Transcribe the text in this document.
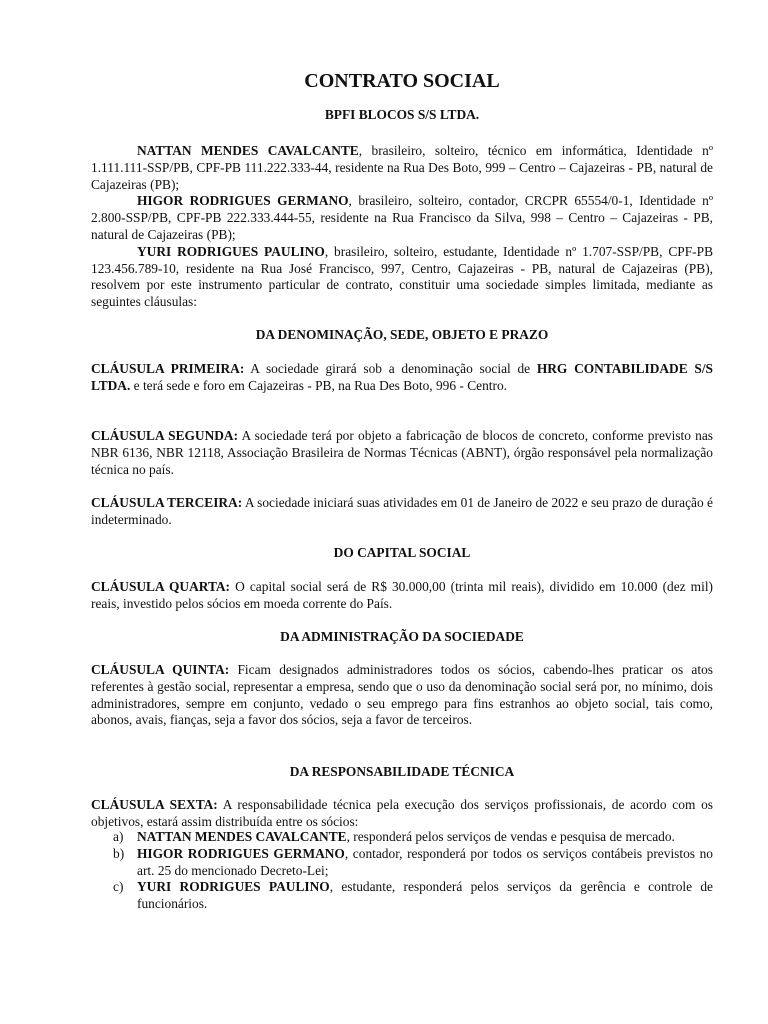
CONTRATO SOCIAL
BPFI BLOCOS S/S LTDA.

NATTAN MENDES CAVALCANTE, brasileiro, solteiro, técnico em informática, Identidade nº 1.111.111-SSP/PB, CPF-PB 111.222.333-44, residente na Rua Des Boto, 999 – Centro – Cajazeiras - PB, natural de Cajazeiras (PB);

HIGOR RODRIGUES GERMANO, brasileiro, solteiro, contador, CRCPR 65554/0-1, Identidade nº 2.800-SSP/PB, CPF-PB 222.333.444-55, residente na Rua Francisco da Silva, 998 – Centro – Cajazeiras - PB, natural de Cajazeiras (PB);

YURI RODRIGUES PAULINO, brasileiro, solteiro, estudante, Identidade nº 1.707-SSP/PB, CPF-PB 123.456.789-10, residente na Rua José Francisco, 997, Centro, Cajazeiras - PB, natural de Cajazeiras (PB), resolvem por este instrumento particular de contrato, constituir uma sociedade simples limitada, mediante as seguintes cláusulas:

DA DENOMINAÇÃO, SEDE, OBJETO E PRAZO

CLÁUSULA PRIMEIRA: A sociedade girará sob a denominação social de HRG CONTABILIDADE S/S LTDA. e terá sede e foro em Cajazeiras - PB, na Rua Des Boto, 996 - Centro.

CLÁUSULA SEGUNDA: A sociedade terá por objeto a fabricação de blocos de concreto, conforme previsto nas NBR 6136, NBR 12118, Associação Brasileira de Normas Técnicas (ABNT), órgão responsável pela normalização técnica no país.

CLÁUSULA TERCEIRA: A sociedade iniciará suas atividades em 01 de Janeiro de 2022 e seu prazo de duração é indeterminado.

DO CAPITAL SOCIAL

CLÁUSULA QUARTA: O capital social será de R$ 30.000,00 (trinta mil reais), dividido em 10.000 (dez mil) reais, investido pelos sócios em moeda corrente do País.

DA ADMINISTRAÇÃO DA SOCIEDADE

CLÁUSULA QUINTA: Ficam designados administradores todos os sócios, cabendo-lhes praticar os atos referentes à gestão social, representar a empresa, sendo que o uso da denominação social será por, no mínimo, dois administradores, sempre em conjunto, vedado o seu emprego para fins estranhos ao objeto social, tais como, abonos, avais, fianças, seja a favor dos sócios, seja a favor de terceiros.

DA RESPONSABILIDADE TÉCNICA

CLÁUSULA SEXTA: A responsabilidade técnica pela execução dos serviços profissionais, de acordo com os objetivos, estará assim distribuída entre os sócios:

a) NATTAN MENDES CAVALCANTE, responderá pelos serviços de vendas e pesquisa de mercado.
b) HIGOR RODRIGUES GERMANO, contador, responderá por todos os serviços contábeis previstos no art. 25 do mencionado Decreto-Lei;
c) YURI RODRIGUES PAULINO, estudante, responderá pelos serviços da gerência e controle de funcionários.
